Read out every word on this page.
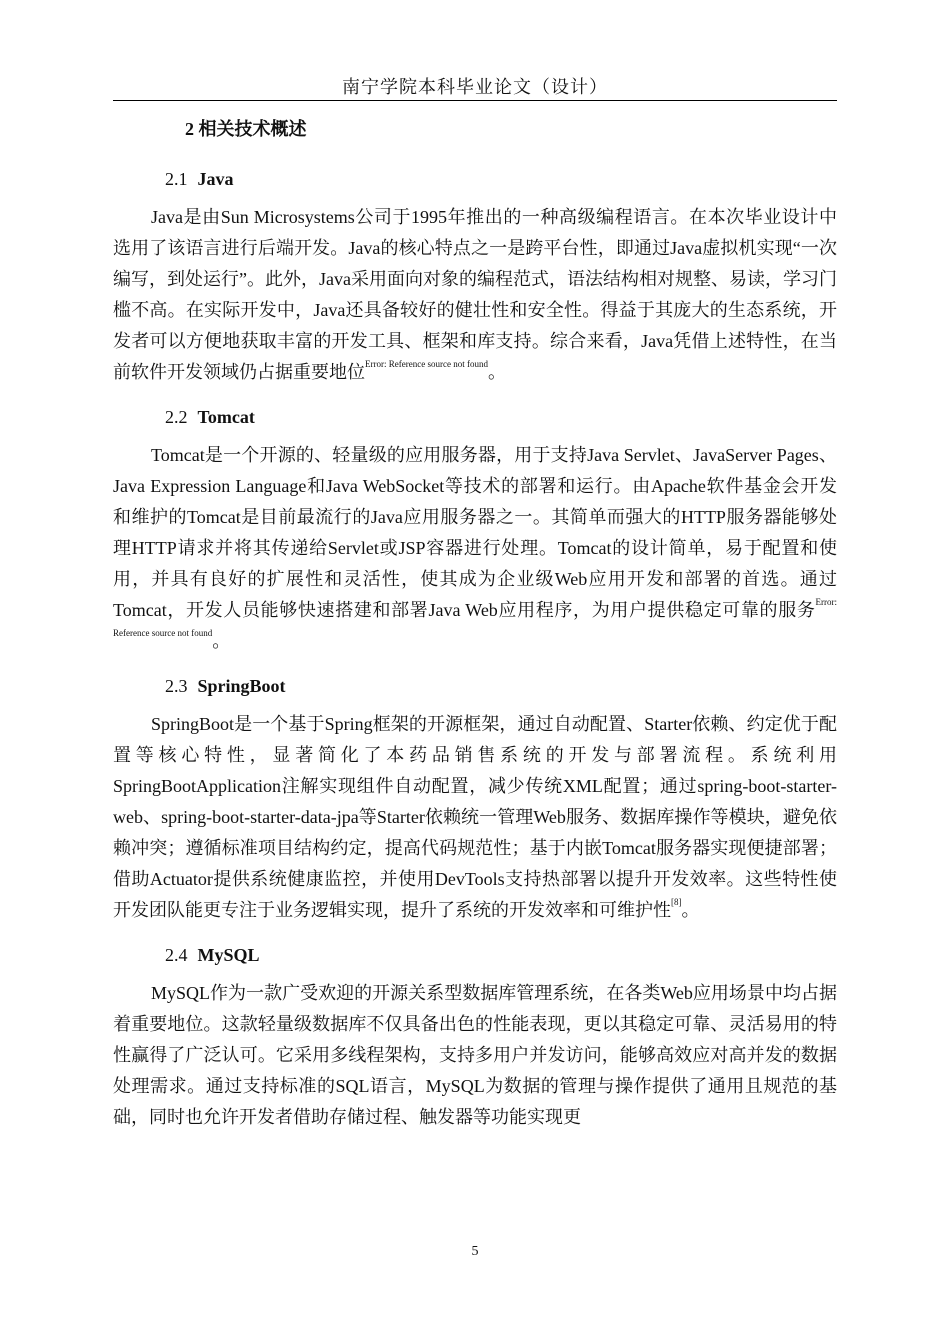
南宁学院本科毕业论文（设计）
2 相关技术概述
2.1 Java

Java是由Sun Microsystems公司于1995年推出的一种高级编程语言。在本次毕业设计中选用了该语言进行后端开发。Java的核心特点之一是跨平台性，即通过Java虚拟机实现“一次编写，到处运行”。此外，Java采用面向对象的编程范式，语法结构相对规整、易读，学习门槛不高。在实际开发中，Java还具备较好的健壮性和安全性。得益于其庞大的生态系统，开发者可以方便地获取丰富的开发工具、框架和库支持。综合来看，Java凭借上述特性，在当前软件开发领域仍占据重要地位$^{Error: Reference source not found}$。

2.2 Tomcat

Tomcat是一个开源的、轻量级的应用服务器，用于支持Java Servlet、JavaServer Pages、Java Expression Language和Java WebSocket等技术的部署和运行。由Apache软件基金会开发和维护的Tomcat是目前最流行的Java应用服务器之一。其简单而强大的HTTP服务器能够处理HTTP请求并将其传递给Servlet或JSP容器进行处理。Tomcat的设计简单，易于配置和使用，并具有良好的扩展性和灵活性，使其成为企业级Web应用开发和部署的首选。通过Tomcat，开发人员能够快速搭建和部署Java Web应用程序，为用户提供稳定可靠的服务$^{Error: Reference source not found}$。

2.3 SpringBoot

SpringBoot是一个基于Spring框架的开源框架，通过自动配置、Starter依赖、约定优于配置等核心特性，显著简化了本药品销售系统的开发与部署流程。系统利用SpringBootApplication注解实现组件自动配置，减少传统XML配置；通过spring-boot-starter-web、spring-boot-starter-data-jpa等Starter依赖统一管理Web服务、数据库操作等模块，避免依赖冲突；遵循标准项目结构约定，提高代码规范性；基于内嵌Tomcat服务器实现便捷部署；借助Actuator提供系统健康监控，并使用DevTools支持热部署以提升开发效率。这些特性使开发团队能更专注于业务逻辑实现，提升了系统的开发效率和可维护性[8]。

2.4 MySQL

MySQL作为一款广受欢迎的开源关系型数据库管理系统，在各类Web应用场景中均占据着重要地位。这款轻量级数据库不仅具备出色的性能表现，更以其稳定可靠、灵活易用的特性赢得了广泛认可。它采用多线程架构，支持多用户并发访问，能够高效应对高并发的数据处理需求。通过支持标准的SQL语言，MySQL为数据的管理与操作提供了通用且规范的基础，同时也允许开发者借助存储过程、触发器等功能实现更

5
